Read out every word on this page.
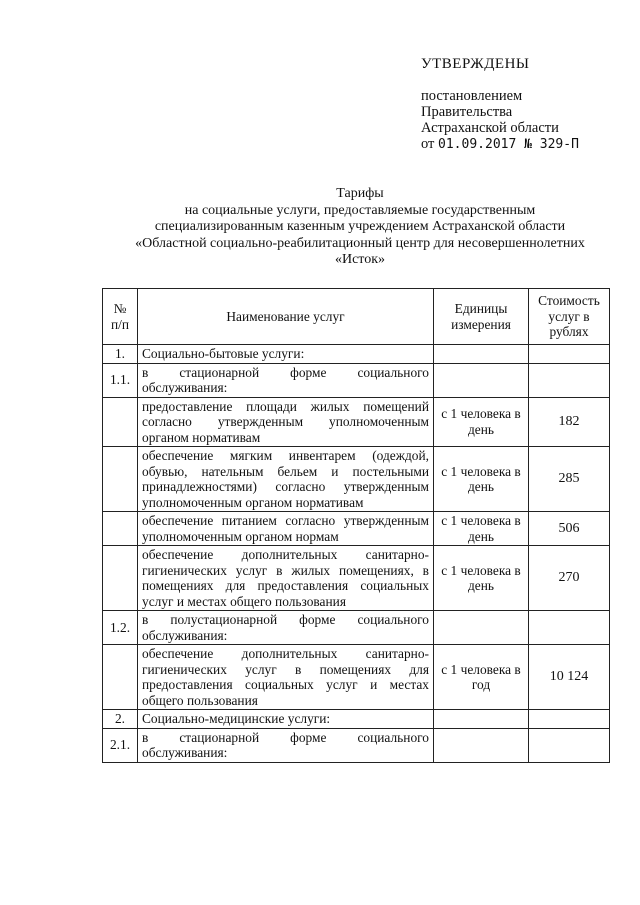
УТВЕРЖДЕНЫ
постановлением
Правительства
Астраханской области
от 01.09.2017 № 329-П
Тарифы
на социальные услуги, предоставляемые государственным
специализированным казенным учреждением Астраханской области
«Областной социально-реабилитационный центр для несовершеннолетних
«Исток»
№ п/п	Наименование услуг	Единицы измерения	Стоимость услуг в рублях
1.	Социально-бытовые услуги:		
1.1.	в стационарной форме социального обслуживания:		
	предоставление площади жилых помещений согласно утвержденным уполномоченным органом нормативам	с 1 человека в день	182
	обеспечение мягким инвентарем (одеждой, обувью, нательным бельем и постельными принадлежностями) согласно утвержденным уполномоченным органом нормативам	с 1 человека в день	285
	обеспечение питанием согласно утвержденным уполномоченным органом нормам	с 1 человека в день	506
	обеспечение дополнительных санитарно-гигиенических услуг в жилых помещениях, в помещениях для предоставления социальных услуг и местах общего пользования	с 1 человека в день	270
1.2.	в полустационарной форме социального обслуживания:		
	обеспечение дополнительных санитарно-гигиенических услуг в помещениях для предоставления социальных услуг и местах общего пользования	с 1 человека в год	10 124
2.	Социально-медицинские услуги:		
2.1.	в стационарной форме социального обслуживания:		
